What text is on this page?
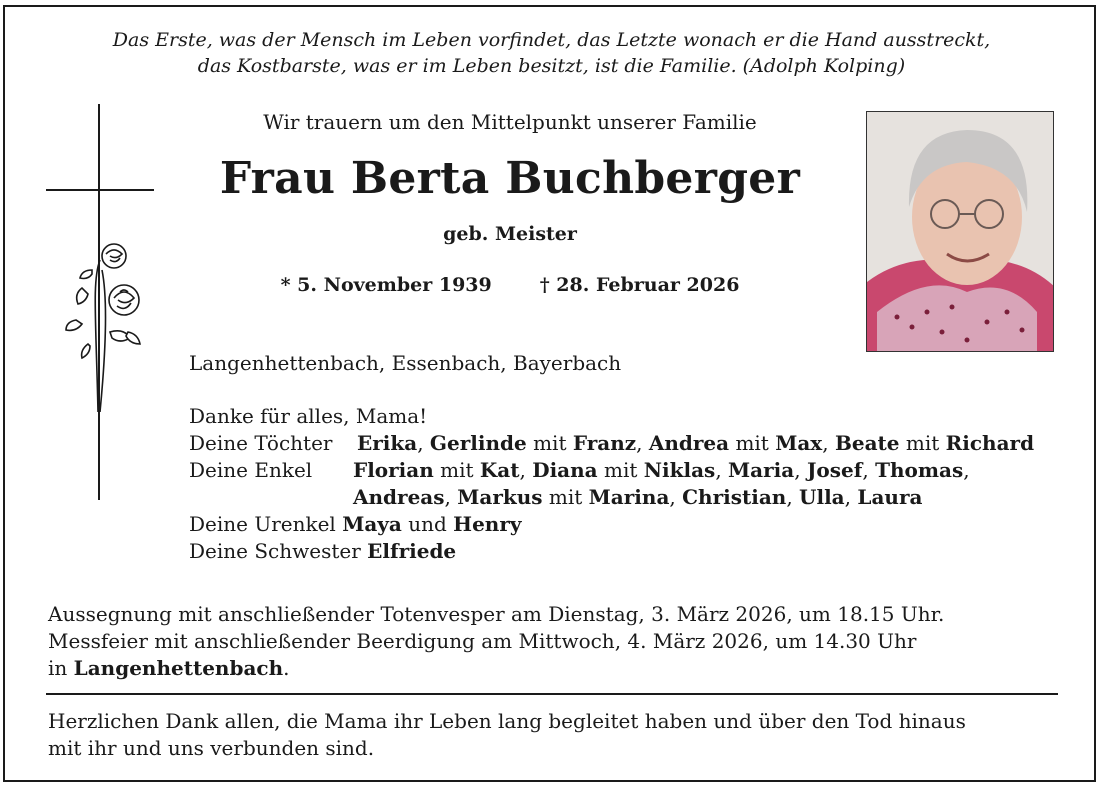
Das Erste, was der Mensch im Leben vorfindet, das Letzte wonach er die Hand ausstreckt,
das Kostbarste, was er im Leben besitzt, ist die Familie. (Adolph Kolping)
Wir trauern um den Mittelpunkt unserer Familie
Frau Berta Buchberger
geb. Meister
* 5. November 1939	† 28. Februar 2026
Langenhettenbach, Essenbach, Bayerbach
Danke für alles, Mama!
Deine Töchter Erika, Gerlinde mit Franz, Andrea mit Max, Beate mit Richard
Deine Enkel Florian mit Kat, Diana mit Niklas, Maria, Josef, Thomas,
Andreas, Markus mit Marina, Christian, Ulla, Laura
Deine Urenkel Maya und Henry
Deine Schwester Elfriede
Aussegnung mit anschließender Totenvesper am Dienstag, 3. März 2026, um 18.15 Uhr.
Messfeier mit anschließender Beerdigung am Mittwoch, 4. März 2026, um 14.30 Uhr
in Langenhettenbach.
Herzlichen Dank allen, die Mama ihr Leben lang begleitet haben und über den Tod hinaus
mit ihr und uns verbunden sind.
